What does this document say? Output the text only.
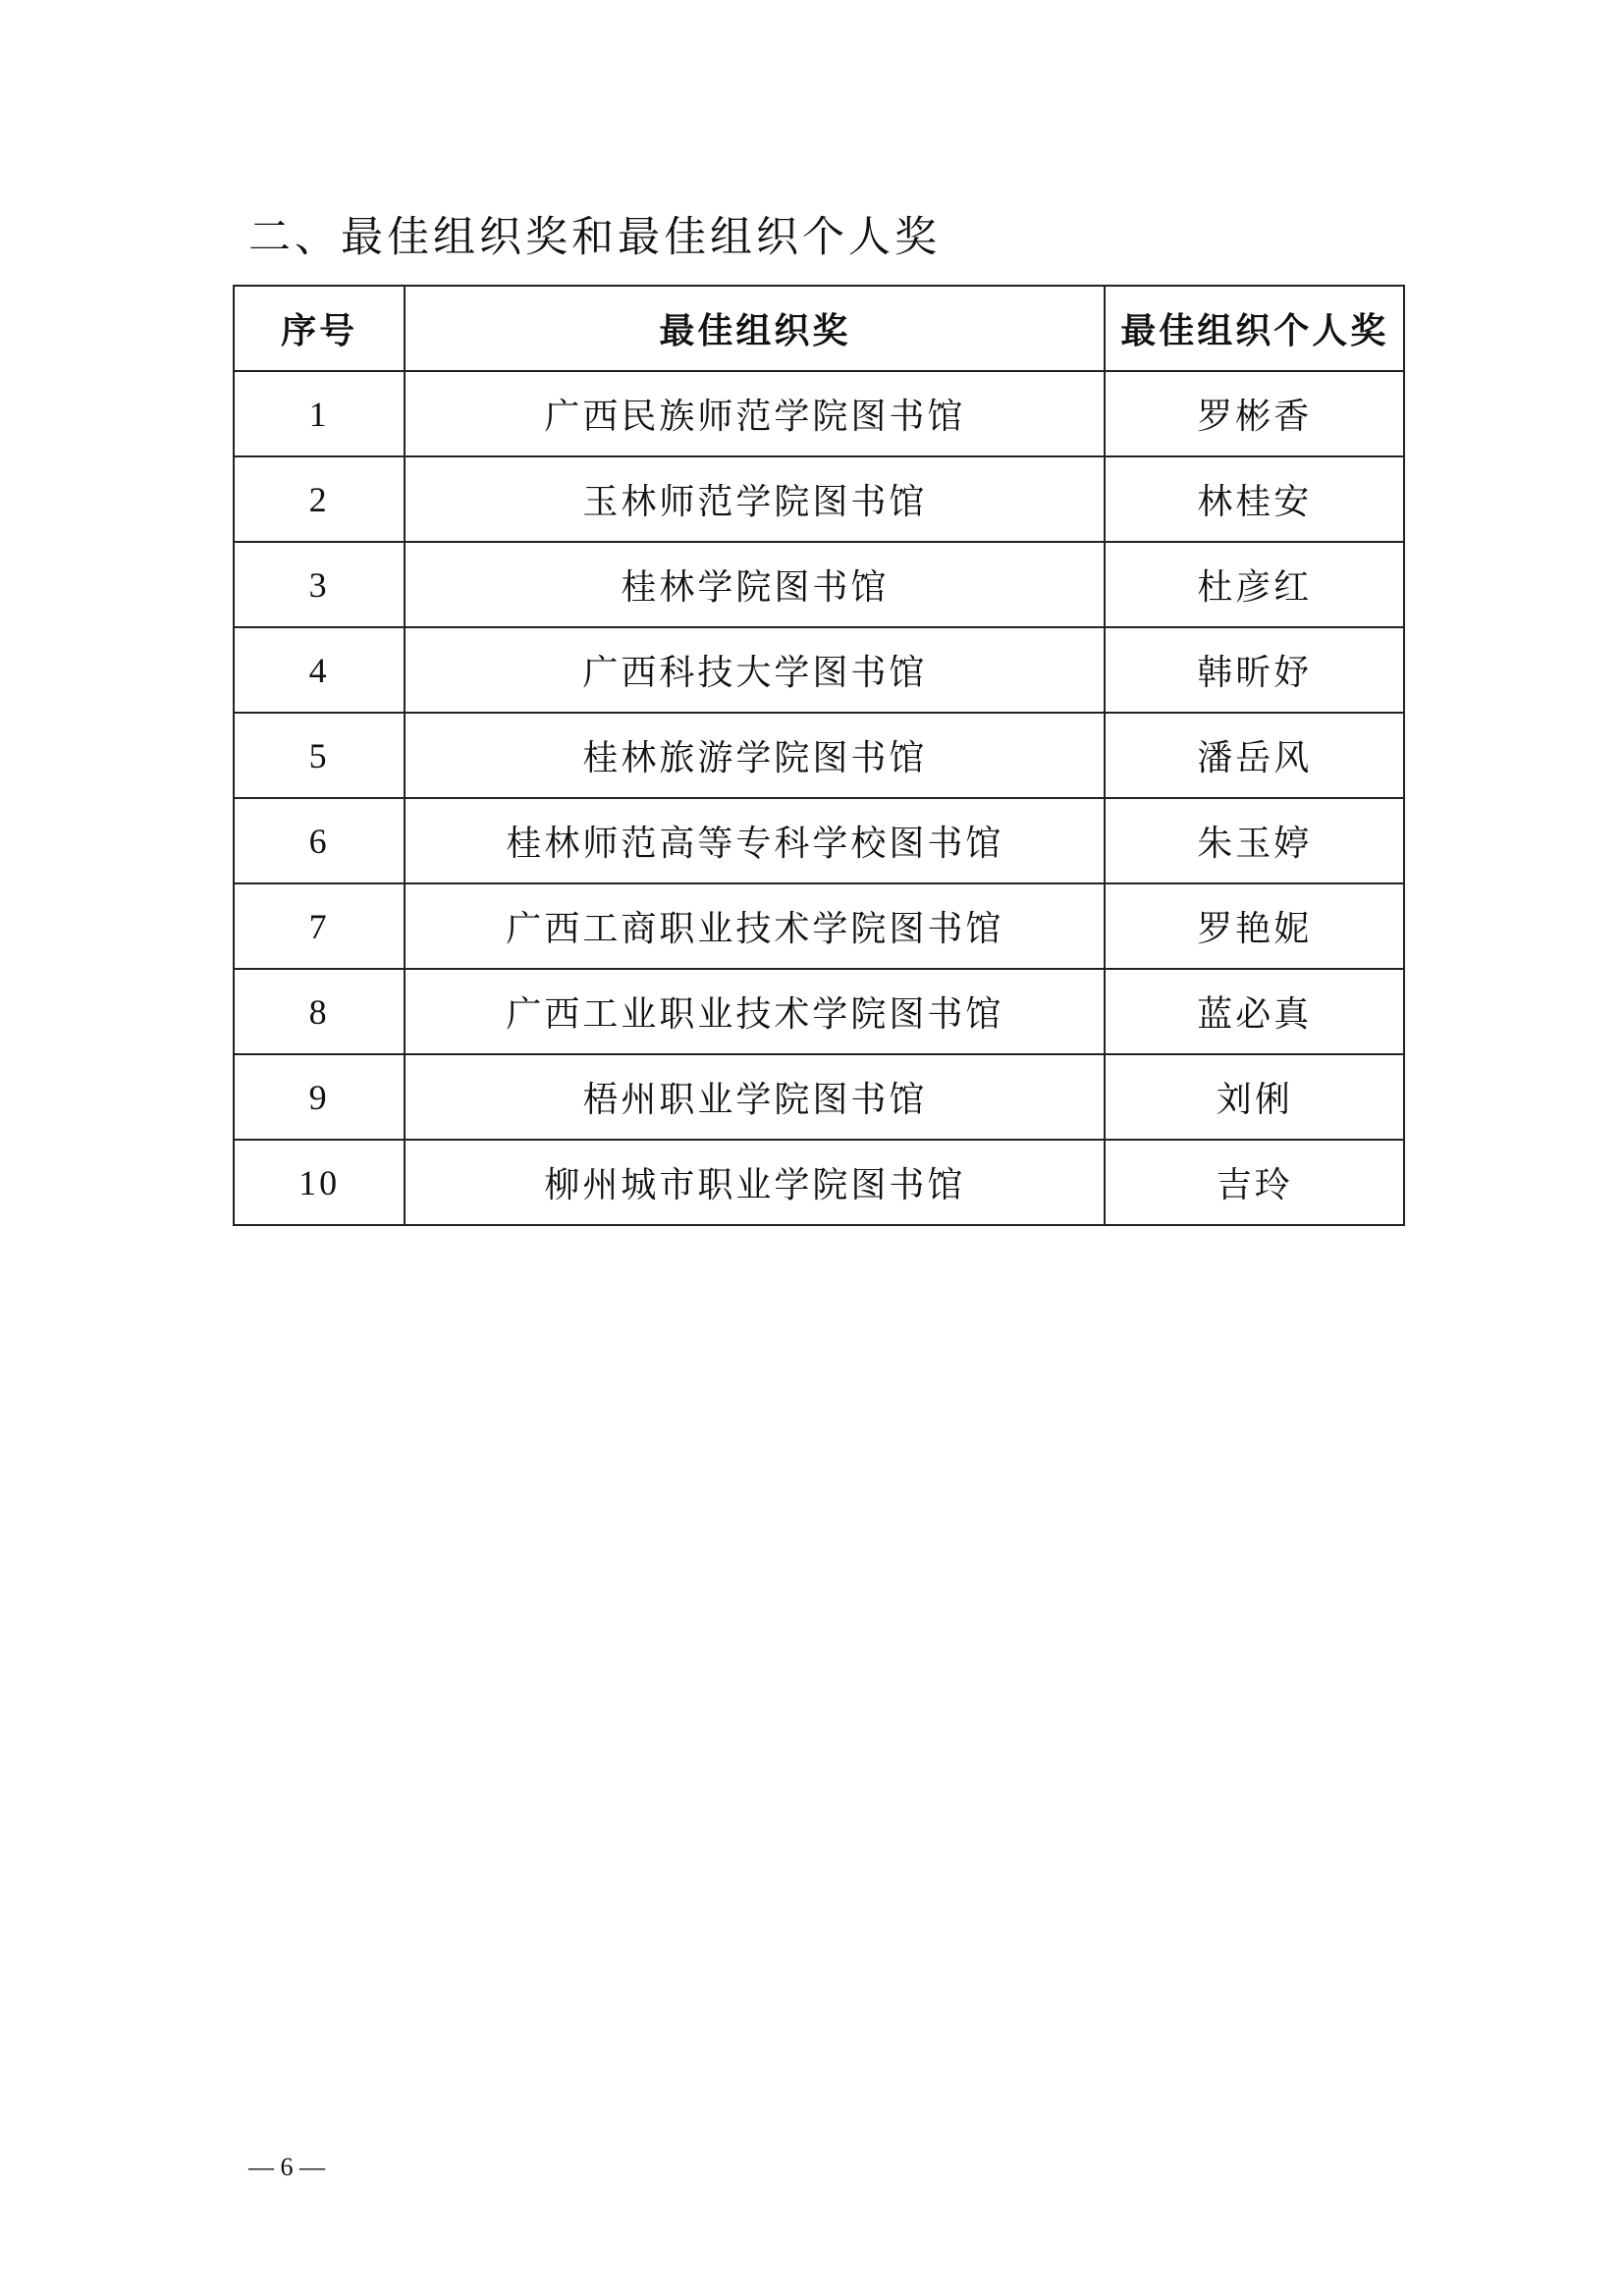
二、最佳组织奖和最佳组织个人奖
序号	最佳组织奖	最佳组织个人奖
1	广西民族师范学院图书馆	罗彬香
2	玉林师范学院图书馆	林桂安
3	桂林学院图书馆	杜彦红
4	广西科技大学图书馆	韩昕妤
5	桂林旅游学院图书馆	潘岳风
6	桂林师范高等专科学校图书馆	朱玉婷
7	广西工商职业技术学院图书馆	罗艳妮
8	广西工业职业技术学院图书馆	蓝必真
9	梧州职业学院图书馆	刘俐
10	柳州城市职业学院图书馆	吉玲
— 6 —
